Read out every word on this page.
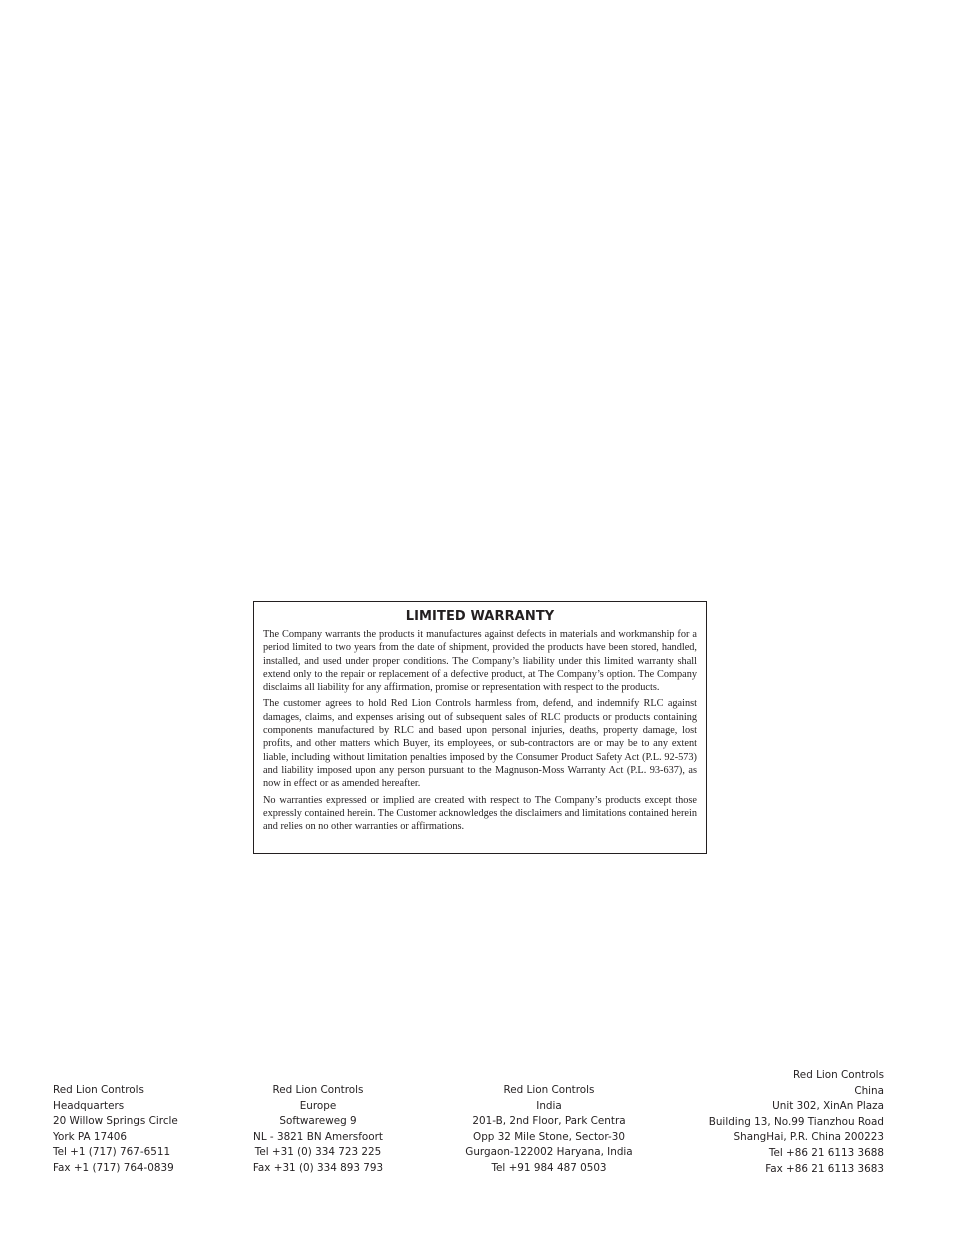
LIMITED WARRANTY

The Company warrants the products it manufactures against defects in materials and workmanship for a period limited to two years from the date of shipment, provided the products have been stored, handled, installed, and used under proper conditions. The Company’s liability under this limited warranty shall extend only to the repair or replacement of a defective product, at The Company’s option. The Company disclaims all liability for any affirmation, promise or representation with respect to the products.

The customer agrees to hold Red Lion Controls harmless from, defend, and indemnify RLC against damages, claims, and expenses arising out of subsequent sales of RLC products or products containing components manufactured by RLC and based upon personal injuries, deaths, property damage, lost profits, and other matters which Buyer, its employees, or sub-contractors are or may be to any extent liable, including without limitation penalties imposed by the Consumer Product Safety Act (P.L. 92-573) and liability imposed upon any person pursuant to the Magnuson-Moss Warranty Act (P.L. 93-637), as now in effect or as amended hereafter.

No warranties expressed or implied are created with respect to The Company’s products except those expressly contained herein. The Customer acknowledges the disclaimers and limitations contained herein and relies on no other warranties or affirmations.

Red Lion Controls
Headquarters
20 Willow Springs Circle
York PA 17406
Tel +1 (717) 767-6511
Fax +1 (717) 764-0839
Red Lion Controls
Europe
Softwareweg 9
NL - 3821 BN Amersfoort
Tel +31 (0) 334 723 225
Fax +31 (0) 334 893 793
Red Lion Controls
India
201-B, 2nd Floor, Park Centra
Opp 32 Mile Stone, Sector-30
Gurgaon-122002 Haryana, India
Tel +91 984 487 0503
Red Lion Controls
China
Unit 302, XinAn Plaza
Building 13, No.99 Tianzhou Road
ShangHai, P.R. China 200223
Tel +86 21 6113 3688
Fax +86 21 6113 3683
